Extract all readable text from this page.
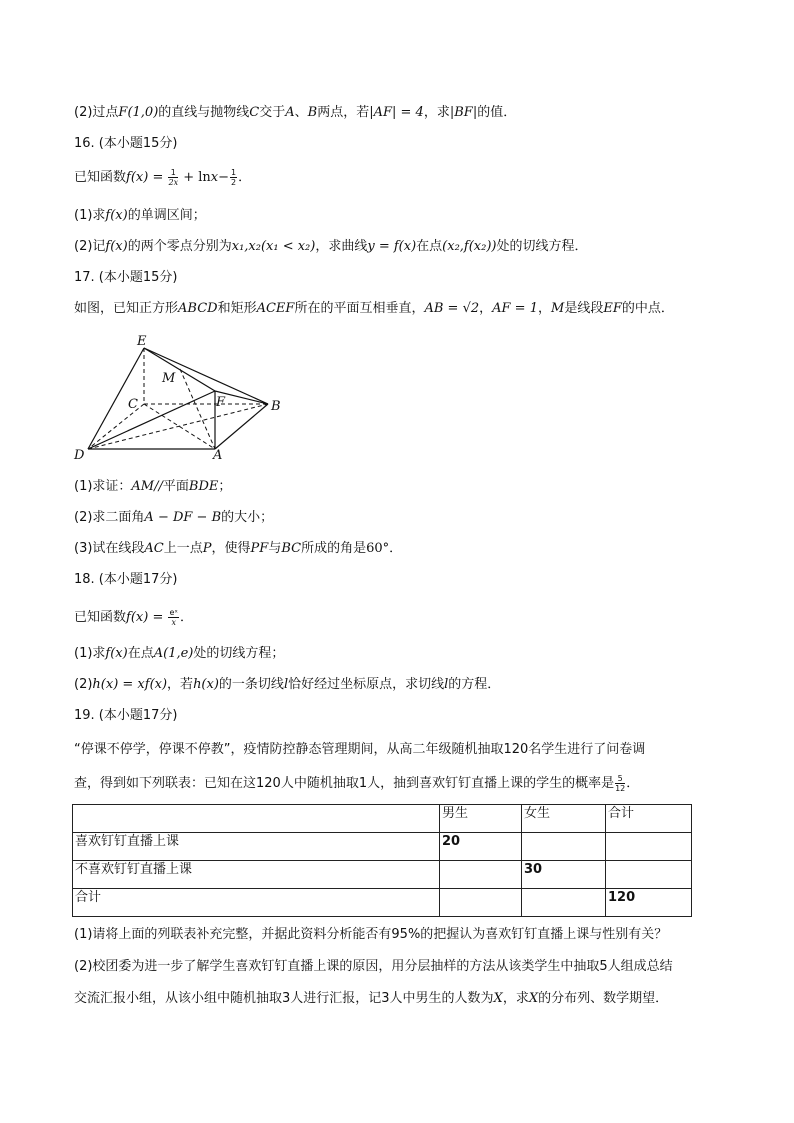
(2)过点F(1,0)的直线与抛物线C交于A、B两点，若|AF| = 4，求|BF|的值．
16. (本小题15分)
已知函数$f(x) = \frac{1}{2x} + \ln x- \frac{1}{2}$ ．
(1)求f(x)的单调区间；
(2)记f(x)的两个零点分别为x₁,x₂(x₁ < x₂)，求曲线y = f(x)在点(x₂,f(x₂))处的切线方程．
17. (本小题15分)
如图，已知正方形ABCD和矩形ACEF所在的平面互相垂直，AB = √2，AF = 1，M是线段EF的中点．
E
M
C	F	B
D	A
(1)求证：AM//平面BDE；
(2)求二面角A − DF − B的大小；
(3)试在线段AC上一点P，使得PF与BC所成的角是60°．
18. (本小题17分)
已知函数$f(x) = \frac{\text{eˣ}}{x}$ ．
(1)求f(x)在点A(1,e)处的切线方程；
(2)h(x) = xf(x)，若h(x)的一条切线l恰好经过坐标原点，求切线l的方程．
19. (本小题17分)
“停课不停学，停课不停教”，疫情防控静态管理期间，从高二年级随机抽取120名学生进行了问卷调
查，得到如下列联表：已知在这120人中随机抽取1人，抽到喜欢钉钉直播上课的学生的概率是 $\frac{5}{12}$ ．
	男生	女生	合计
喜欢钉钉直播上课	20		
不喜欢钉钉直播上课		30	
合计			120
(1)请将上面的列联表补充完整，并据此资料分析能否有95%的把握认为喜欢钉钉直播上课与性别有关？
(2)校团委为进一步了解学生喜欢钉钉直播上课的原因，用分层抽样的方法从该类学生中抽取5人组成总结
交流汇报小组，从该小组中随机抽取3人进行汇报，记3人中男生的人数为X，求X的分布列、数学期望．
